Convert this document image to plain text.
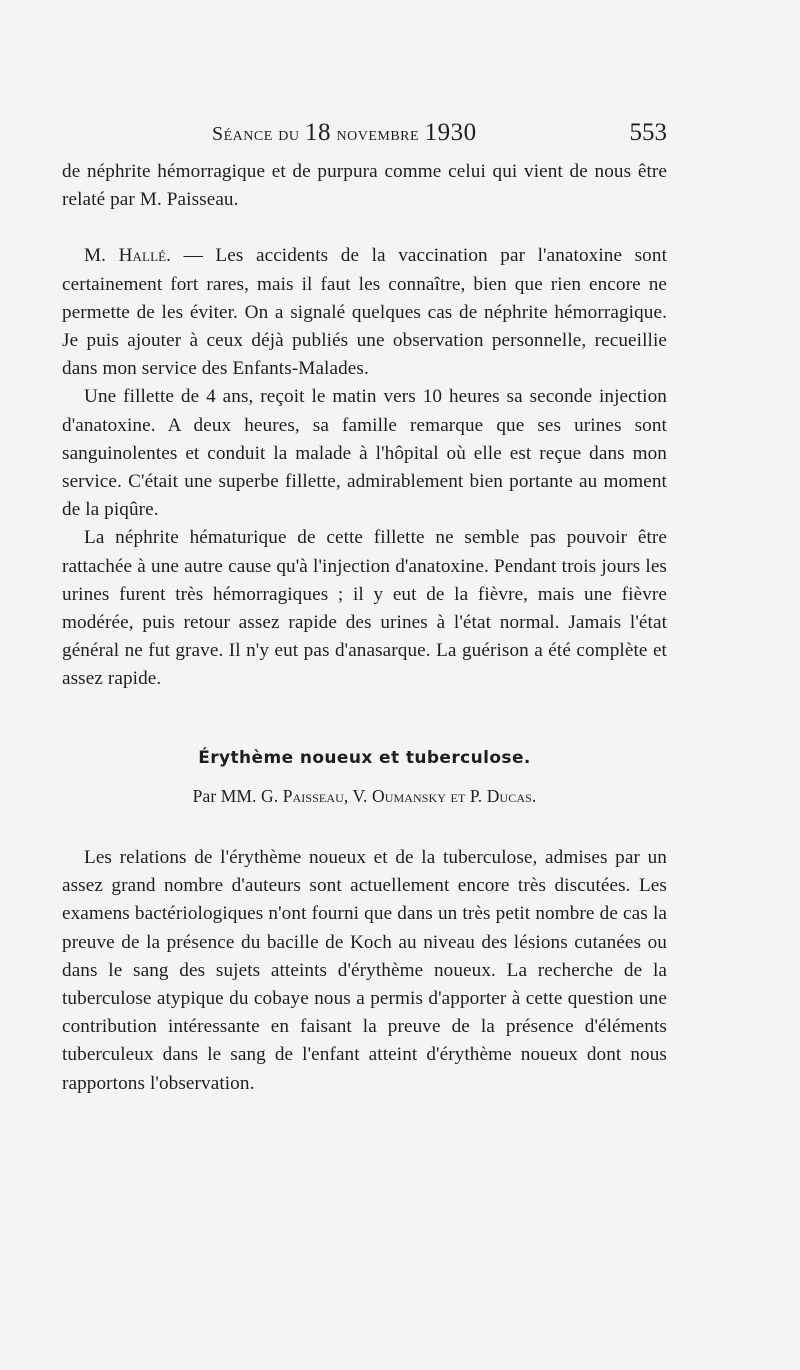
Séance du 18 novembre 1930	553

de néphrite hémorragique et de purpura comme celui qui vient de nous être relaté par M. Paisseau.

M. Hallé. — Les accidents de la vaccination par l'anatoxine sont certainement fort rares, mais il faut les connaître, bien que rien encore ne permette de les éviter. On a signalé quelques cas de néphrite hémorragique. Je puis ajouter à ceux déjà publiés une observation personnelle, recueillie dans mon service des Enfants-Malades.

Une fillette de 4 ans, reçoit le matin vers 10 heures sa seconde injection d'anatoxine. A deux heures, sa famille remarque que ses urines sont sanguinolentes et conduit la malade à l'hôpital où elle est reçue dans mon service. C'était une superbe fillette, admirablement bien portante au moment de la piqûre.

La néphrite hématurique de cette fillette ne semble pas pouvoir être rattachée à une autre cause qu'à l'injection d'anatoxine. Pendant trois jours les urines furent très hémorragiques ; il y eut de la fièvre, mais une fièvre modérée, puis retour assez rapide des urines à l'état normal. Jamais l'état général ne fut grave. Il n'y eut pas d'anasarque. La guérison a été complète et assez rapide.

Érythème noueux et tuberculose.
Par MM. G. Paisseau, V. Oumansky et P. Ducas.

Les relations de l'érythème noueux et de la tuberculose, admises par un assez grand nombre d'auteurs sont actuellement encore très discutées. Les examens bactériologiques n'ont fourni que dans un très petit nombre de cas la preuve de la présence du bacille de Koch au niveau des lésions cutanées ou dans le sang des sujets atteints d'érythème noueux. La recherche de la tuberculose atypique du cobaye nous a permis d'apporter à cette question une contribution intéressante en faisant la preuve de la présence d'éléments tuberculeux dans le sang de l'enfant atteint d'érythème noueux dont nous rapportons l'observation.
